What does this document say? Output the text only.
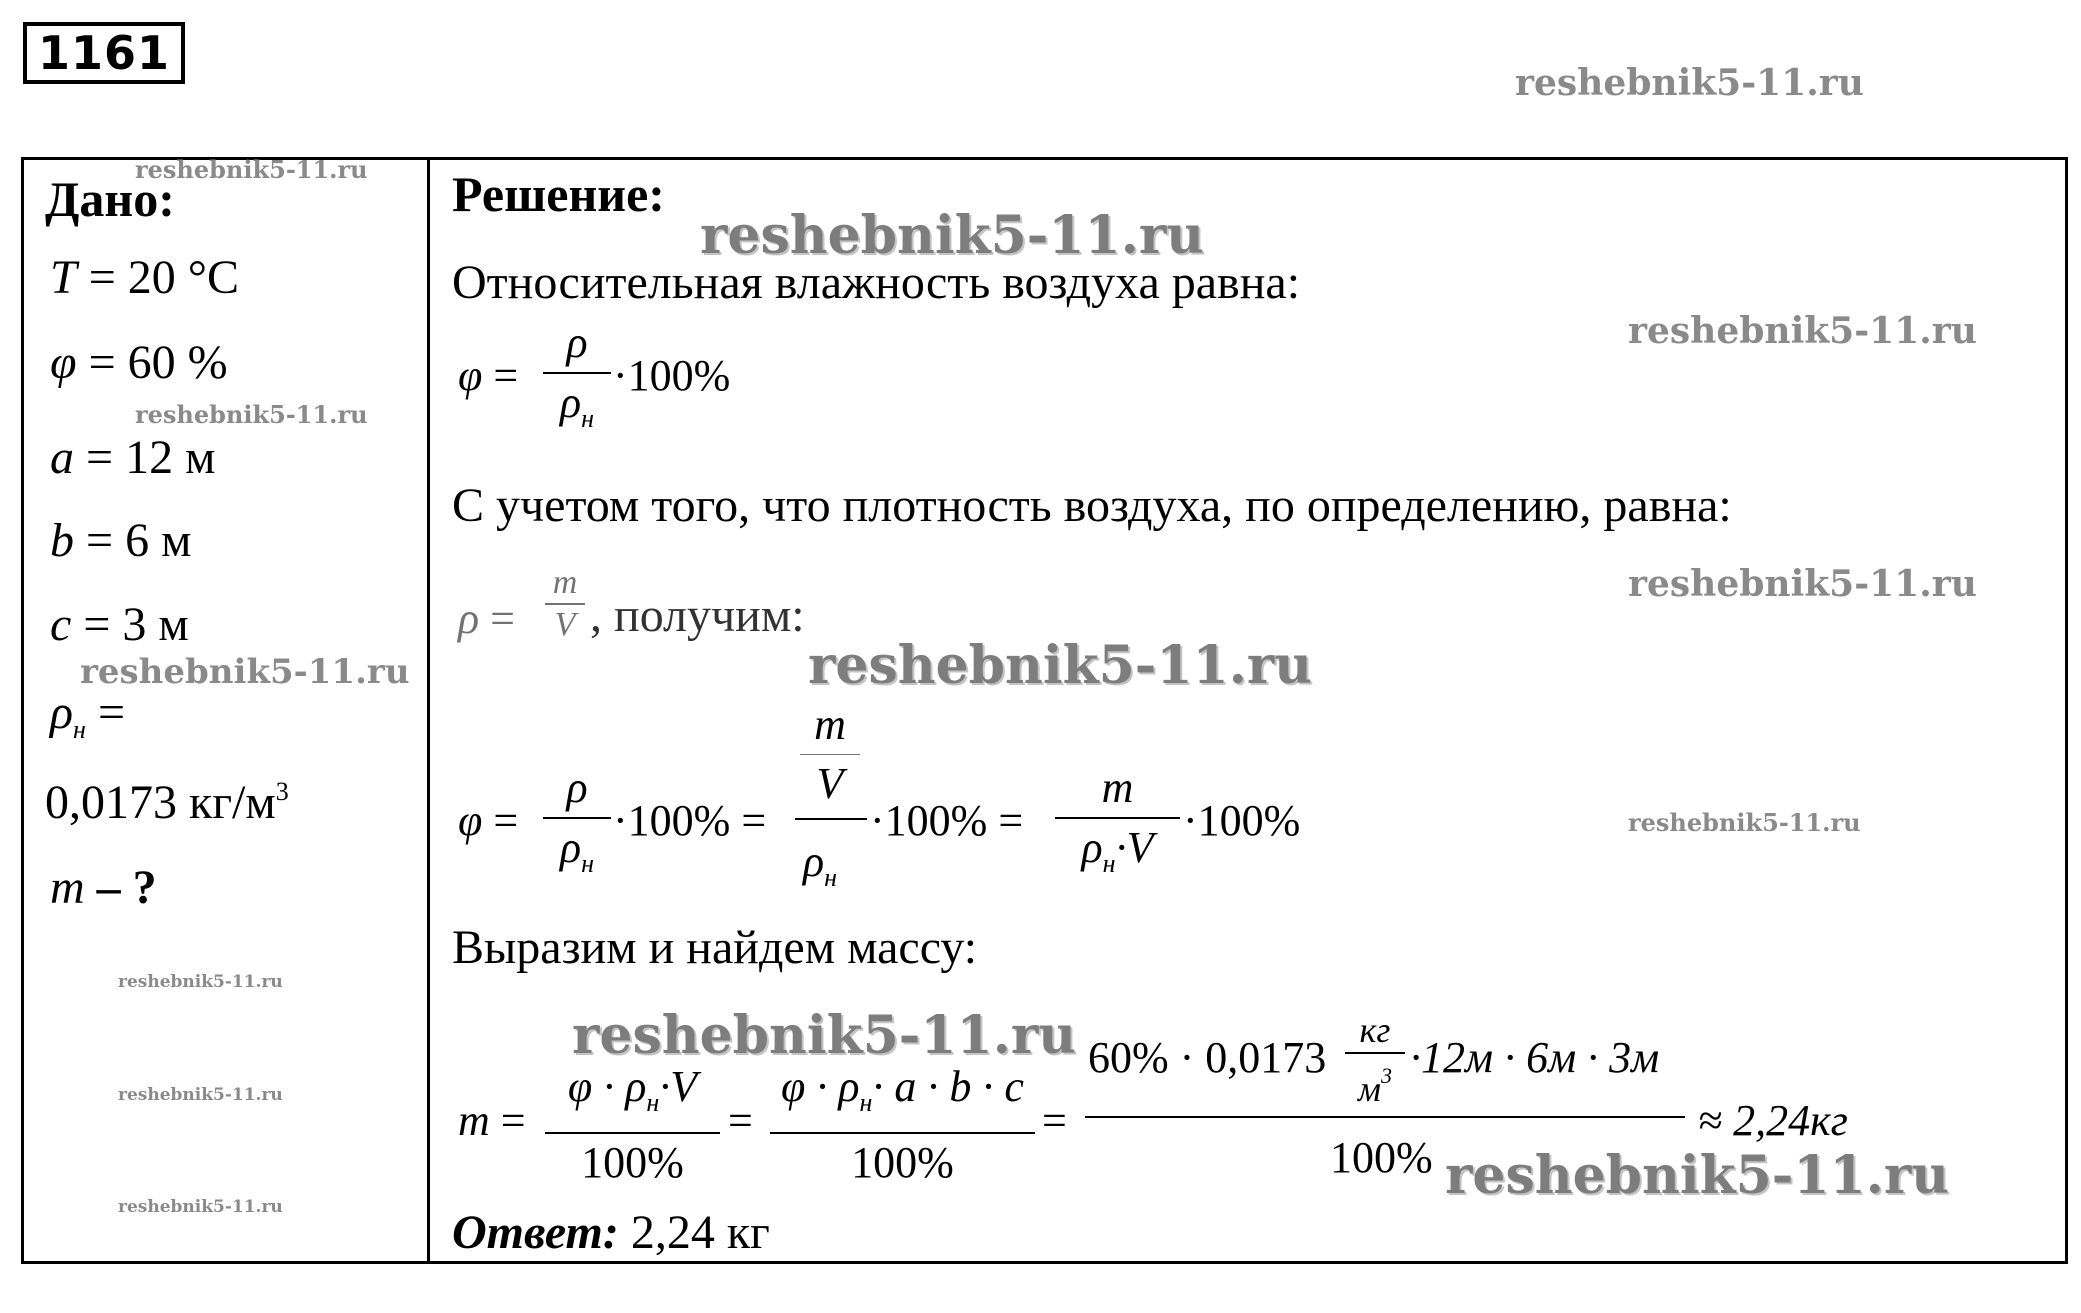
1161
Дано:
T = 20 °C
φ = 60 %
a = 12 м
b = 6 м
c = 3 м
$\rho_н$ =
0,0173 $кг/м^3$
m – ?
Решение:
Относительная влажность воздуха равна:
φ =
ρ
$\rho_н$
·100%
С учетом того, что плотность воздуха, по определению, равна:
ρ =
m
V , получим:
φ =
ρ
$\rho_н$
·100% =
m
V
$\rho_н$
·100% =
m
$\rho_н\cdot V$
·100%
Выразим и найдем массу:
m =
$\varphi \cdot \rho_н\cdot V$
100%
=
$\varphi \cdot \rho_н\cdot a \cdot b \cdot c$
100%
=
60% · 0,0173
кг
$м^3 \cdot 12м \cdot 6м \cdot 3м$
100%
≈ 2,24кг
Ответ: 2,24 кг
reshebnik5-11.ru
reshebnik5-11.ru
reshebnik5-11.ru
reshebnik5-11.ru
reshebnik5-11.ru
reshebnik5-11.ru
reshebnik5-11.ru
reshebnik5-11.ru
reshebnik5-11.ru
reshebnik5-11.ru
reshebnik5-11.ru
reshebnik5-11.ru
reshebnik5-11.ru
reshebnik5-11.ru
